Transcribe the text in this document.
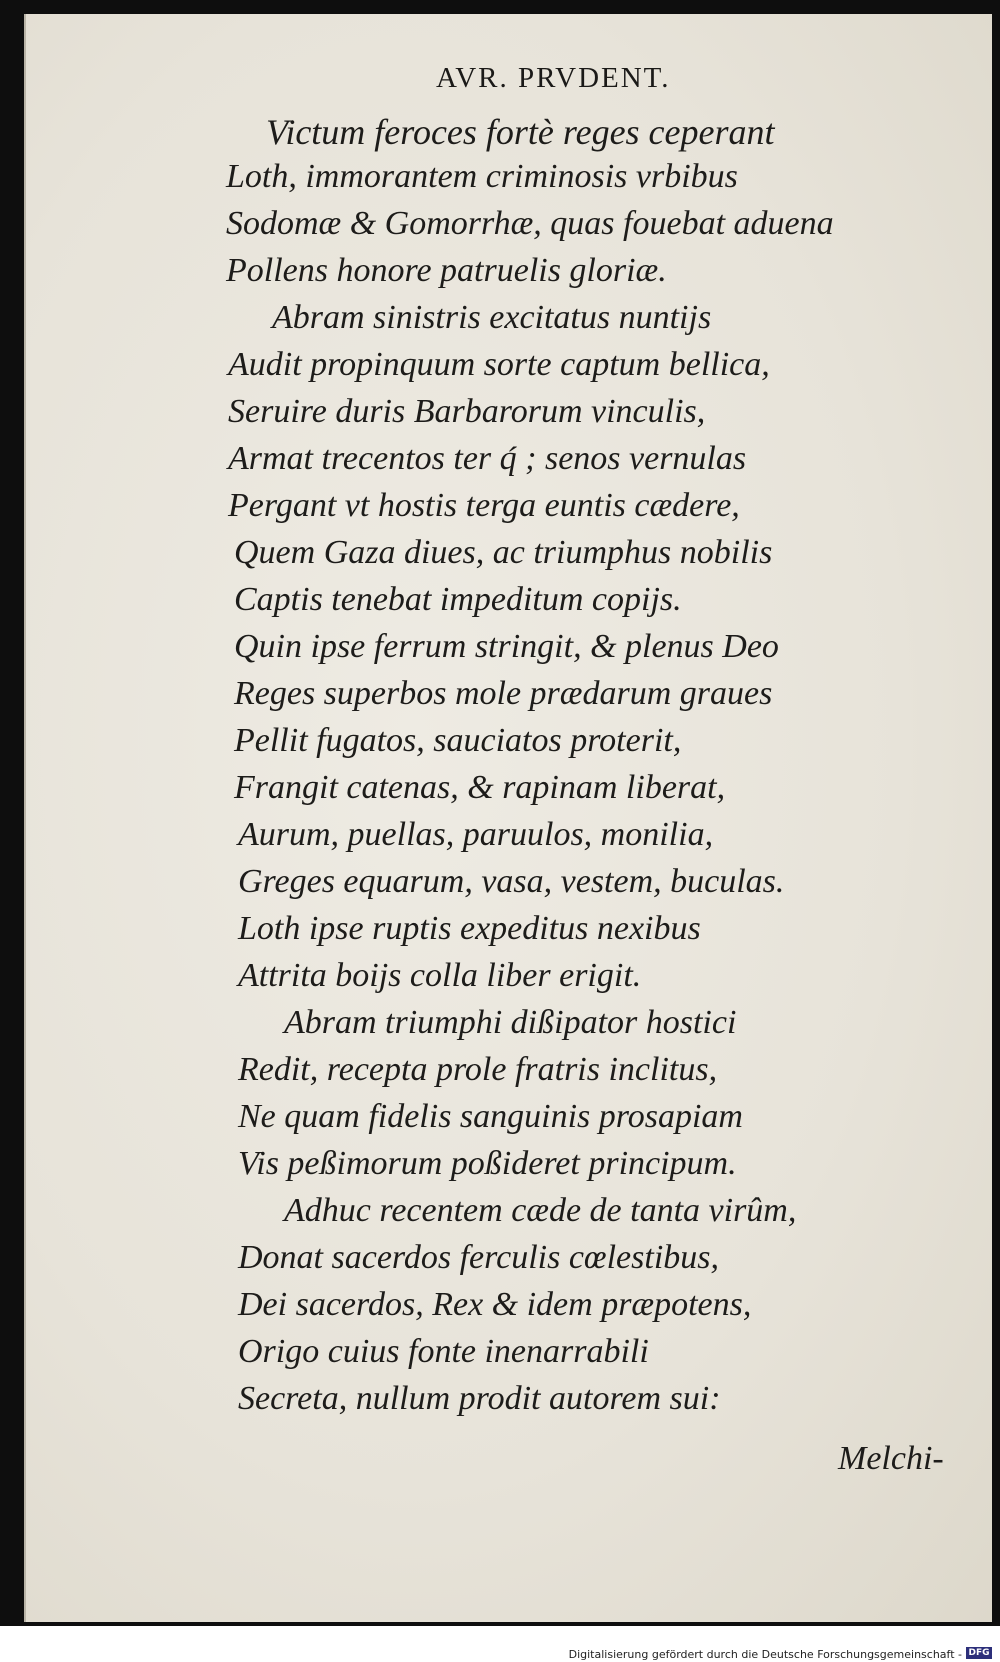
AVR. PRVDENT.
Victum feroces fortè reges ceperant
Loth, immorantem criminosis vrbibus
Sodomæ & Gomorrhæ, quas fouebat aduena
Pollens honore patruelis gloriæ.
Abram sinistris excitatus nuntijs
Audit propinquum sorte captum bellica,
Seruire duris Barbarorum vinculis,
Armat trecentos ter q́ ; senos vernulas
Pergant vt hostis terga euntis cædere,
Quem Gaza diues, ac triumphus nobilis
Captis tenebat impeditum copijs.
Quin ipse ferrum stringit, & plenus Deo
Reges superbos mole prædarum graues
Pellit fugatos, sauciatos proterit,
Frangit catenas, & rapinam liberat,
Aurum, puellas, paruulos, monilia,
Greges equarum, vasa, vestem, buculas.
Loth ipse ruptis expeditus nexibus
Attrita boijs colla liber erigit.
Abram triumphi dißipator hostici
Redit, recepta prole fratris inclitus,
Ne quam fidelis sanguinis prosapiam
Vis peßimorum poßideret principum.
Adhuc recentem cæde de tanta virûm,
Donat sacerdos ferculis cœlestibus,
Dei sacerdos, Rex & idem præpotens,
Origo cuius fonte inenarrabili
Secreta, nullum prodit autorem sui:
Melchi-
Digitalisierung gefördert durch die Deutsche Forschungsgemeinschaft - DFG
